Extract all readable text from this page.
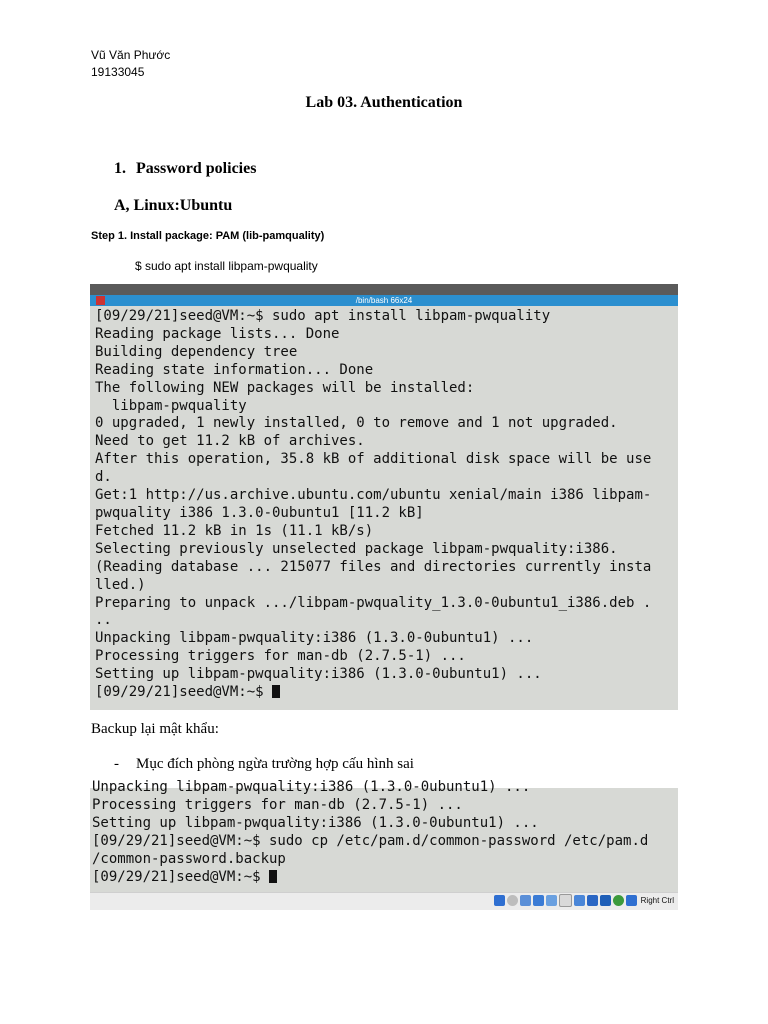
Vũ Văn Phước
19133045
Lab 03. Authentication
1. Password policies
A, Linux:Ubuntu
Step 1. Install package: PAM (lib-pamquality)
$ sudo apt install libpam-pwquality
/bin/bash 66x24
[09/29/21]seed@VM:~$ sudo apt install libpam-pwquality
Reading package lists... Done
Building dependency tree
Reading state information... Done
The following NEW packages will be installed:
libpam-pwquality
0 upgraded, 1 newly installed, 0 to remove and 1 not upgraded.
Need to get 11.2 kB of archives.
After this operation, 35.8 kB of additional disk space will be use
d.
Get:1 http://us.archive.ubuntu.com/ubuntu xenial/main i386 libpam-
pwquality i386 1.3.0-0ubuntu1 [11.2 kB]
Fetched 11.2 kB in 1s (11.1 kB/s)
Selecting previously unselected package libpam-pwquality:i386.
(Reading database ... 215077 files and directories currently insta
lled.)
Preparing to unpack .../libpam-pwquality_1.3.0-0ubuntu1_i386.deb .
..
Unpacking libpam-pwquality:i386 (1.3.0-0ubuntu1) ...
Processing triggers for man-db (2.7.5-1) ...
Setting up libpam-pwquality:i386 (1.3.0-0ubuntu1) ...
[09/29/21]seed@VM:~$
Backup lại mật khẩu:
- Mục đích phòng ngừa trường hợp cấu hình sai
Unpacking libpam-pwquality:i386 (1.3.0-0ubuntu1) ...
Processing triggers for man-db (2.7.5-1) ...
Setting up libpam-pwquality:i386 (1.3.0-0ubuntu1) ...
[09/29/21]seed@VM:~$ sudo cp /etc/pam.d/common-password /etc/pam.d
/common-password.backup
[09/29/21]seed@VM:~$
Right Ctrl
